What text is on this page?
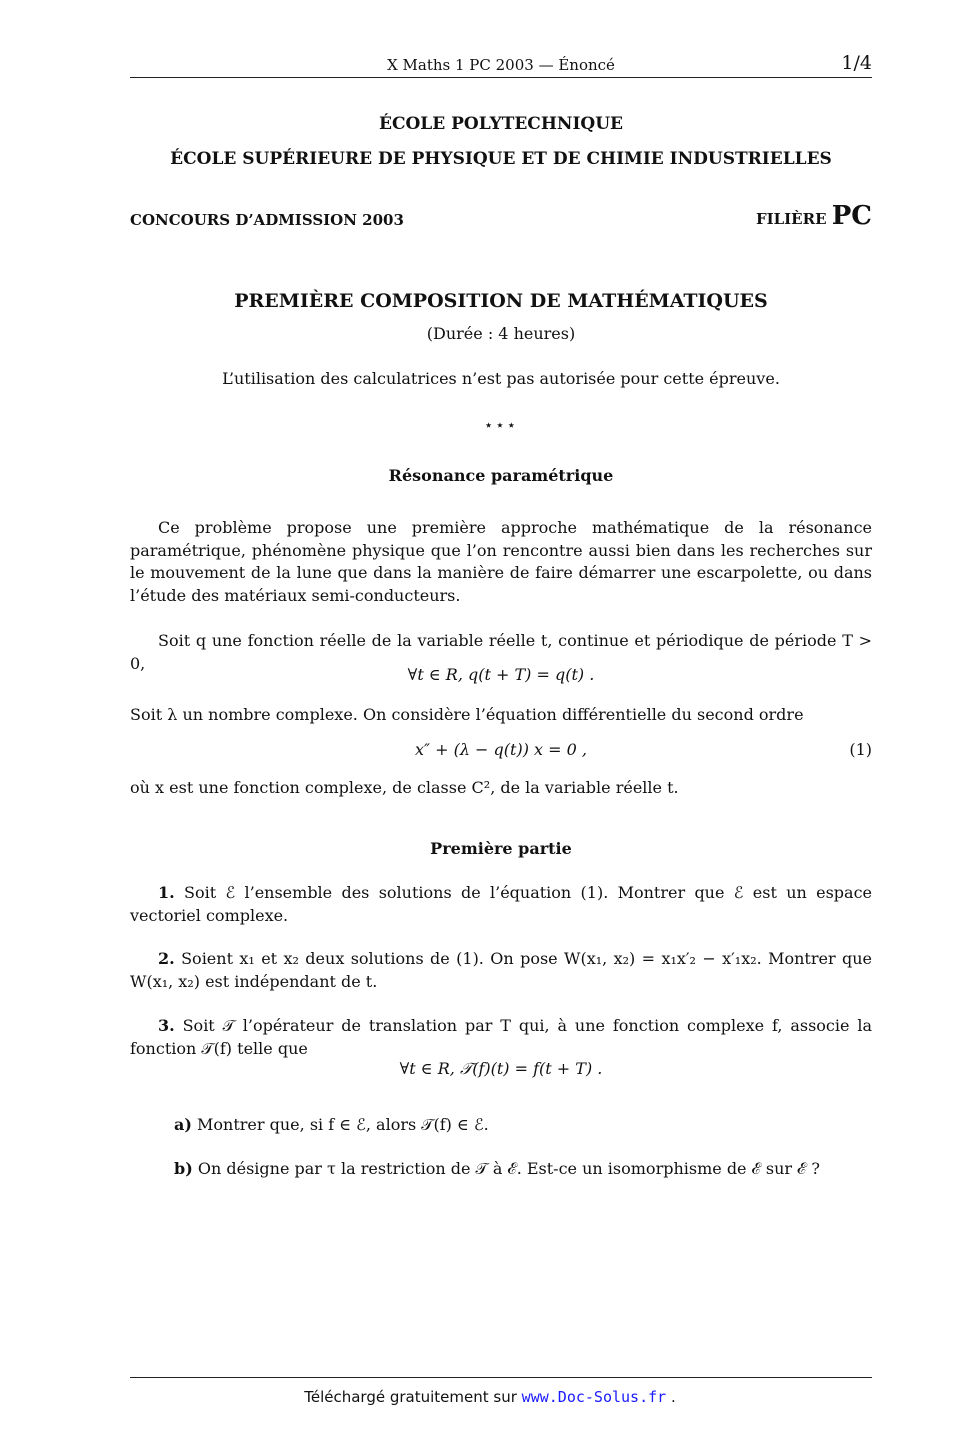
X Maths 1 PC 2003 — Énoncé	1/4
ÉCOLE POLYTECHNIQUE
ÉCOLE SUPÉRIEURE DE PHYSIQUE ET DE CHIMIE INDUSTRIELLES
CONCOURS D’ADMISSION 2003	FILIÈRE PC
PREMIÈRE COMPOSITION DE MATHÉMATIQUES
(Durée : 4 heures)
L’utilisation des calculatrices n’est pas autorisée pour cette épreuve.
⋆⋆⋆
Résonance paramétrique
Ce problème propose une première approche mathématique de la résonance paramétrique, phénomène physique que l’on rencontre aussi bien dans les recherches sur le mouvement de la lune que dans la manière de faire démarrer une escarpolette, ou dans l’étude des matériaux semi-conducteurs.
Soit q une fonction réelle de la variable réelle t, continue et périodique de période T > 0,
∀t ∈ R, q(t + T) = q(t) .
Soit λ un nombre complexe. On considère l’équation différentielle du second ordre
x″ + (λ − q(t)) x = 0 ,	(1)
où x est une fonction complexe, de classe C², de la variable réelle t.
Première partie
1. Soit ℰ l’ensemble des solutions de l’équation (1). Montrer que ℰ est un espace vectoriel complexe.
2. Soient x₁ et x₂ deux solutions de (1). On pose W(x₁, x₂) = x₁x′₂ − x′₁x₂. Montrer que W(x₁, x₂) est indépendant de t.
3. Soit 𝒯 l’opérateur de translation par T qui, à une fonction complexe f, associe la fonction 𝒯(f) telle que
∀t ∈ R, 𝒯(f)(t) = f(t + T) .
a) Montrer que, si f ∈ ℰ, alors 𝒯(f) ∈ ℰ.
b) On désigne par τ la restriction de 𝒯 à ℰ. Est-ce un isomorphisme de ℰ sur ℰ ?
Téléchargé gratuitement sur www.Doc-Solus.fr .
